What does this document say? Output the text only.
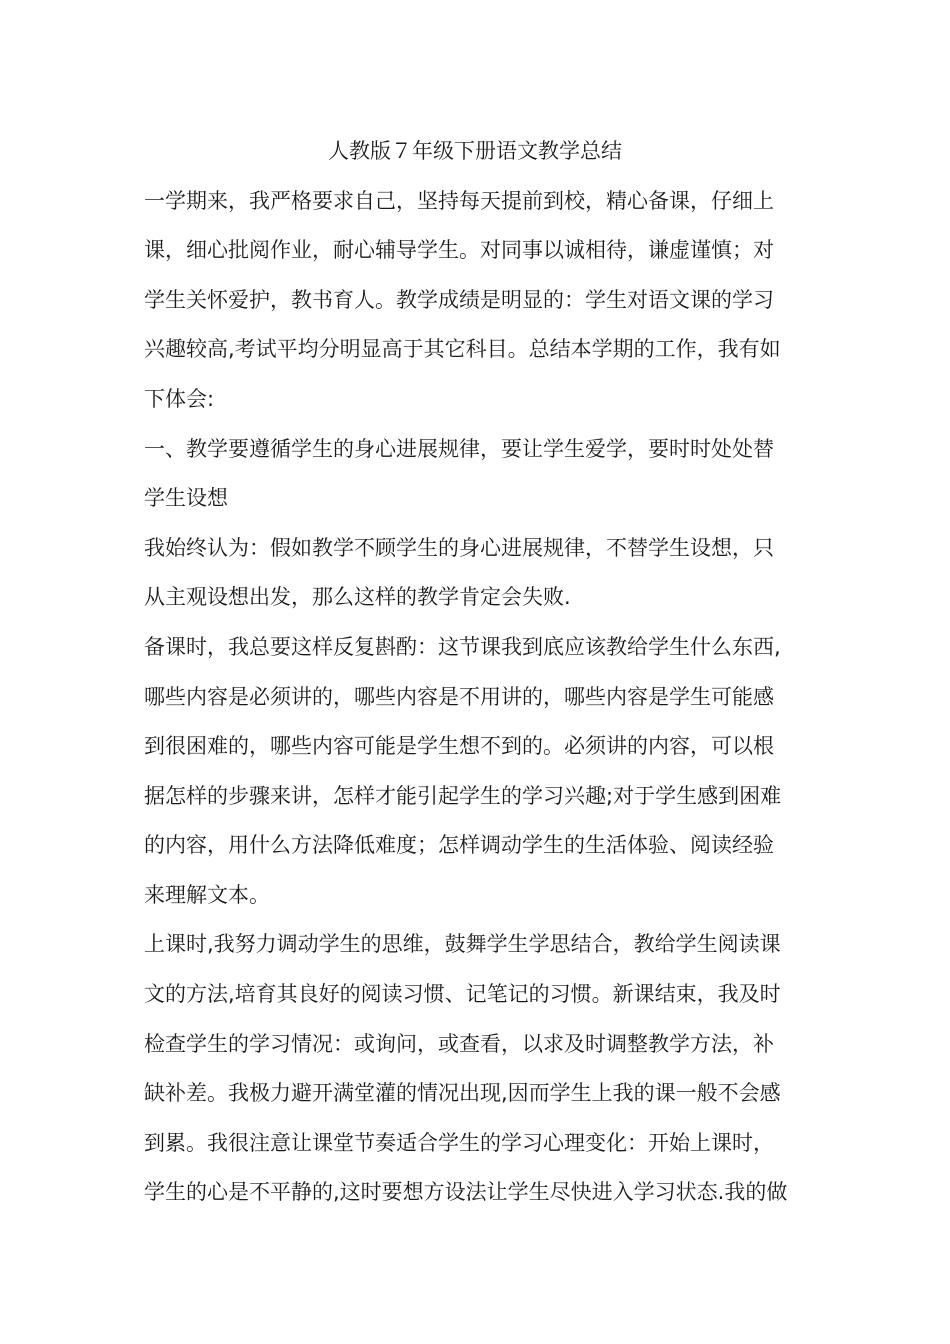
人教版７年级下册语文教学总结

一学期来，我严格要求自己，坚持每天提前到校，精心备课，仔细上

课，细心批阅作业，耐心辅导学生。对同事以诚相待，谦虚谨慎；对

学生关怀爱护，教书育人。教学成绩是明显的：学生对语文课的学习

兴趣较高,考试平均分明显高于其它科目。总结本学期的工作，我有如

下体会:

一、教学要遵循学生的身心进展规律，要让学生爱学，要时时处处替

学生设想

我始终认为：假如教学不顾学生的身心进展规律，不替学生设想，只

从主观设想出发，那么这样的教学肯定会失败.

备课时，我总要这样反复斟酌：这节课我到底应该教给学生什么东西,

哪些内容是必须讲的，哪些内容是不用讲的，哪些内容是学生可能感

到很困难的，哪些内容可能是学生想不到的。必须讲的内容，可以根

据怎样的步骤来讲，怎样才能引起学生的学习兴趣;对于学生感到困难

的内容，用什么方法降低难度；怎样调动学生的生活体验、阅读经验

来理解文本。

上课时,我努力调动学生的思维，鼓舞学生学思结合，教给学生阅读课

文的方法,培育其良好的阅读习惯、记笔记的习惯。新课结束，我及时

检查学生的学习情况：或询问，或查看，以求及时调整教学方法，补

缺补差。我极力避开满堂灌的情况出现,因而学生上我的课一般不会感

到累。我很注意让课堂节奏适合学生的学习心理变化：开始上课时，

学生的心是不平静的,这时要想方设法让学生尽快进入学习状态.我的做
